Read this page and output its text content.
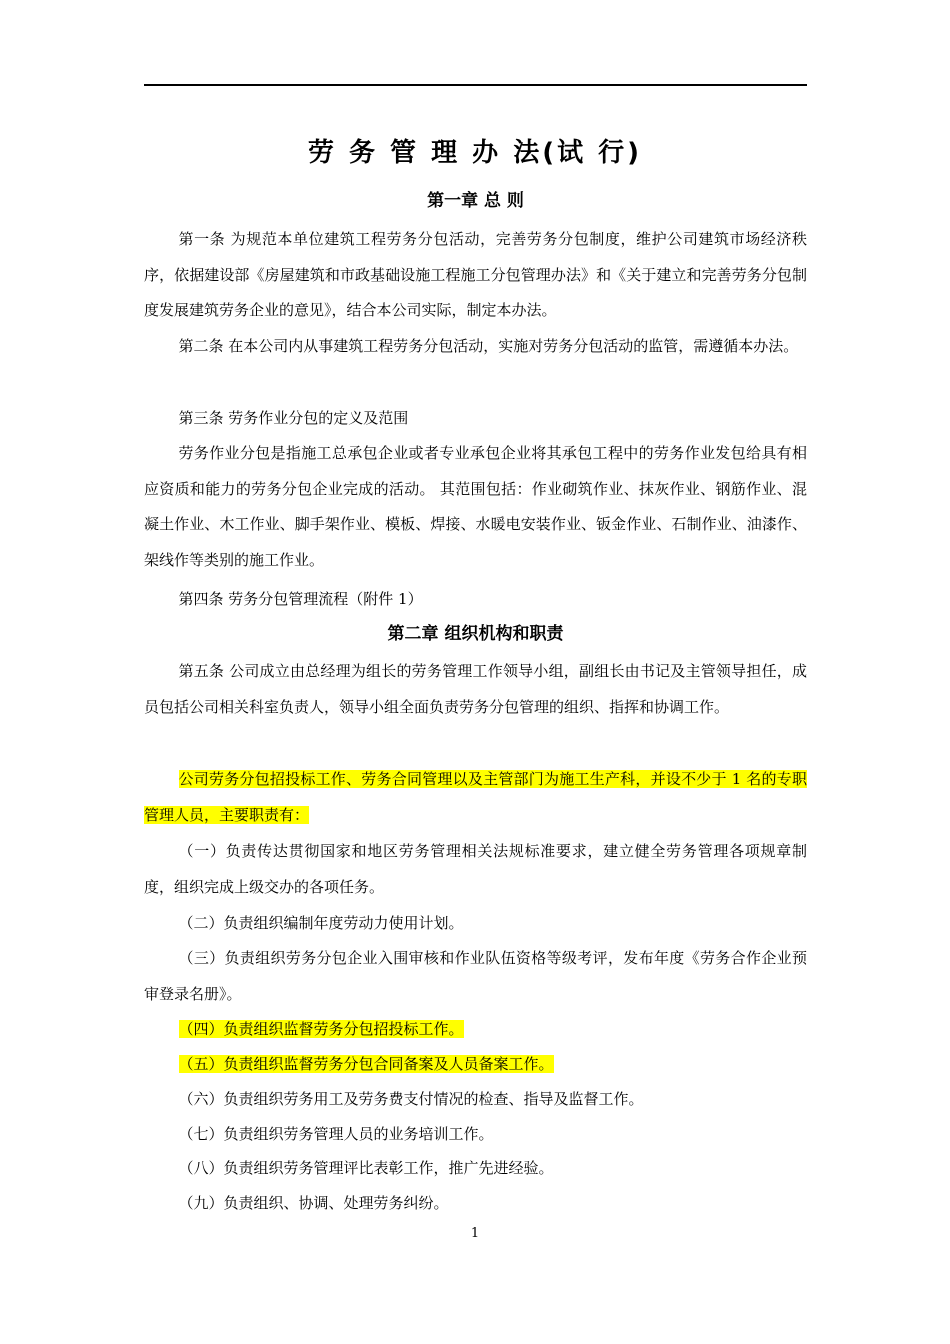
劳 务 管 理 办 法(试 行)
第一章 总 则
第一条 为规范本单位建筑工程劳务分包活动，完善劳务分包制度，维护公司建筑市场经济秩序，依据建设部《房屋建筑和市政基础设施工程施工分包管理办法》和《关于建立和完善劳务分包制度发展建筑劳务企业的意见》，结合本公司实际，制定本办法。
第二条 在本公司内从事建筑工程劳务分包活动，实施对劳务分包活动的监管，需遵循本办法。
第三条 劳务作业分包的定义及范围
劳务作业分包是指施工总承包企业或者专业承包企业将其承包工程中的劳务作业发包给具有相应资质和能力的劳务分包企业完成的活动。 其范围包括：作业砌筑作业、抹灰作业、钢筋作业、混凝土作业、木工作业、脚手架作业、模板、焊接、水暖电安装作业、钣金作业、石制作业、油漆作、架线作等类别的施工作业。
第四条 劳务分包管理流程（附件 1）
第二章 组织机构和职责
第五条 公司成立由总经理为组长的劳务管理工作领导小组，副组长由书记及主管领导担任，成员包括公司相关科室负责人，领导小组全面负责劳务分包管理的组织、指挥和协调工作。
公司劳务分包招投标工作、劳务合同管理以及主管部门为施工生产科，并设不少于 1 名的专职管理人员，主要职责有：
（一）负责传达贯彻国家和地区劳务管理相关法规标准要求，建立健全劳务管理各项规章制度，组织完成上级交办的各项任务。
（二）负责组织编制年度劳动力使用计划。
（三）负责组织劳务分包企业入围审核和作业队伍资格等级考评，发布年度《劳务合作企业预审登录名册》。
（四）负责组织监督劳务分包招投标工作。
（五）负责组织监督劳务分包合同备案及人员备案工作。
（六）负责组织劳务用工及劳务费支付情况的检查、指导及监督工作。
（七）负责组织劳务管理人员的业务培训工作。
（八）负责组织劳务管理评比表彰工作，推广先进经验。
（九）负责组织、协调、处理劳务纠纷。
1
